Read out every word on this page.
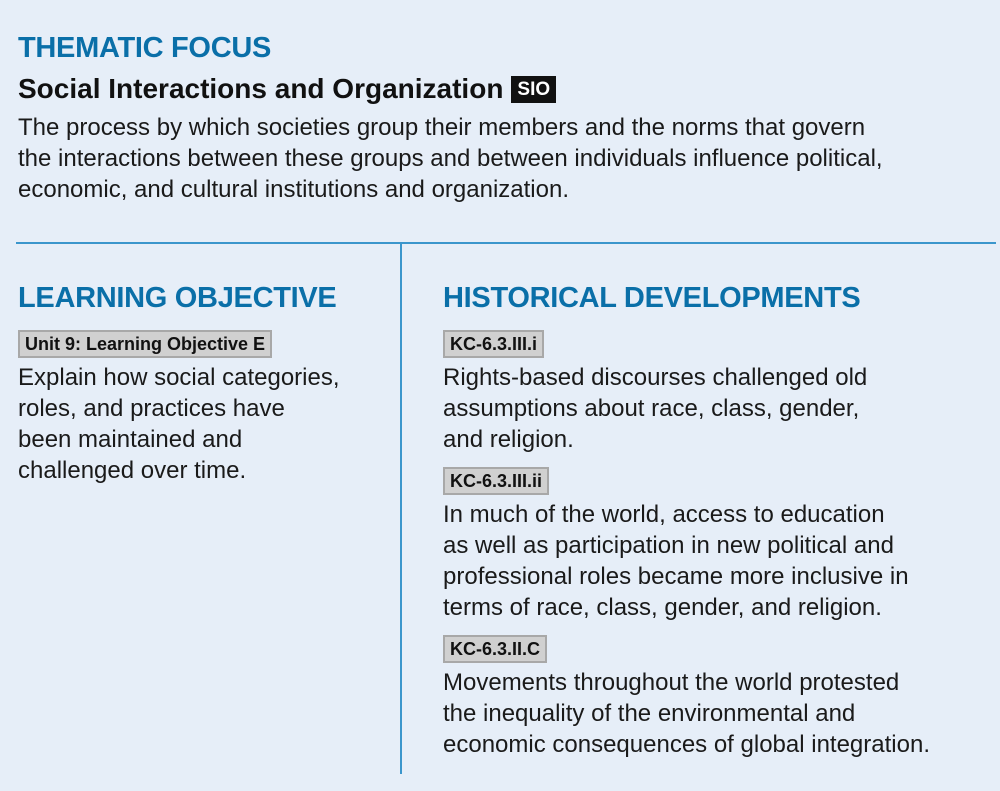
THEMATIC FOCUS
Social Interactions and Organization SIO
The process by which societies group their members and the norms that govern
the interactions between these groups and between individuals influence political,
economic, and cultural institutions and organization.
LEARNING OBJECTIVE
Unit 9: Learning Objective E
Explain how social categories,
roles, and practices have
been maintained and
challenged over time.
HISTORICAL DEVELOPMENTS
KC-6.3.III.i
Rights-based discourses challenged old
assumptions about race, class, gender,
and religion.
KC-6.3.III.ii
In much of the world, access to education
as well as participation in new political and
professional roles became more inclusive in
terms of race, class, gender, and religion.
KC-6.3.II.C
Movements throughout the world protested
the inequality of the environmental and
economic consequences of global integration.
